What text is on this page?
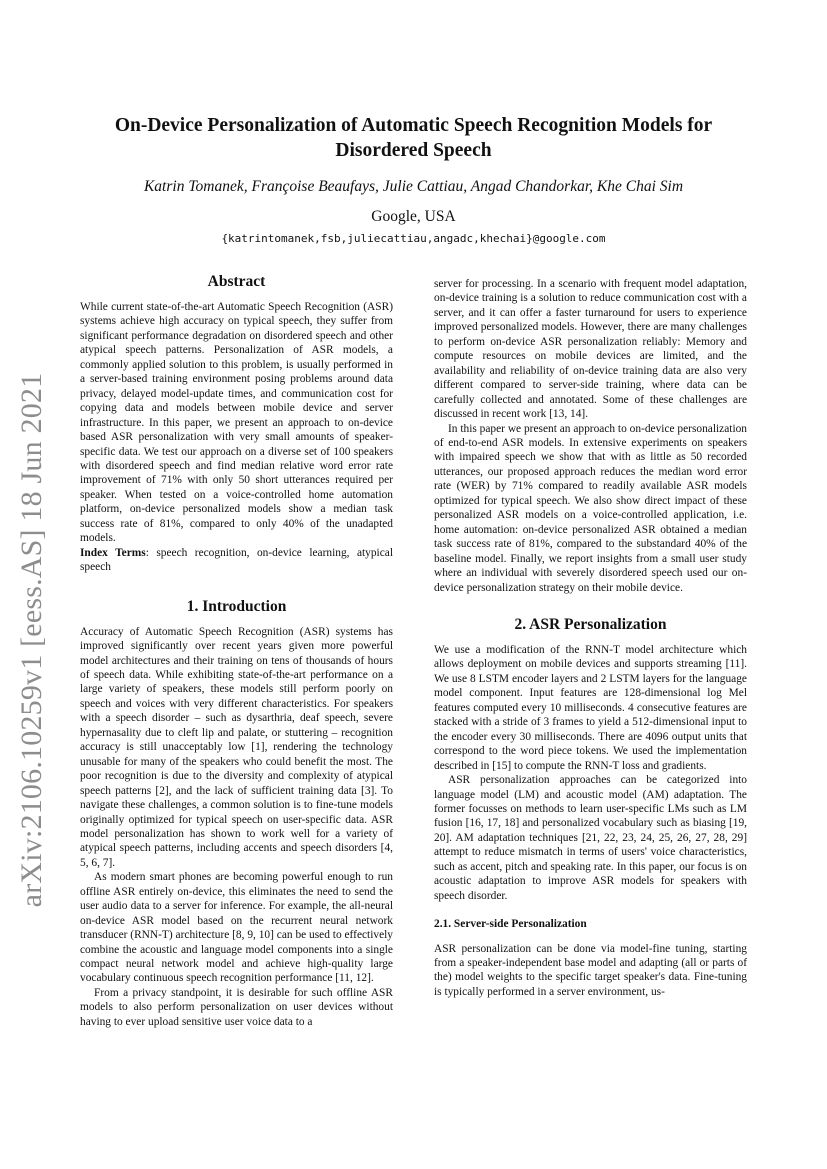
arXiv:2106.10259v1 [eess.AS] 18 Jun 2021
On-Device Personalization of Automatic Speech Recognition Models for Disordered Speech
Katrin Tomanek, Françoise Beaufays, Julie Cattiau, Angad Chandorkar, Khe Chai Sim
Google, USA
{katrintomanek,fsb,juliecattiau,angadc,khechai}@google.com
Abstract

While current state-of-the-art Automatic Speech Recognition (ASR) systems achieve high accuracy on typical speech, they suffer from significant performance degradation on disordered speech and other atypical speech patterns. Personalization of ASR models, a commonly applied solution to this problem, is usually performed in a server-based training environment posing problems around data privacy, delayed model-update times, and communication cost for copying data and models between mobile device and server infrastructure. In this paper, we present an approach to on-device based ASR personalization with very small amounts of speaker-specific data. We test our approach on a diverse set of 100 speakers with disordered speech and find median relative word error rate improvement of 71% with only 50 short utterances required per speaker. When tested on a voice-controlled home automation platform, on-device personalized models show a median task success rate of 81%, compared to only 40% of the unadapted models.

Index Terms: speech recognition, on-device learning, atypical speech

1. Introduction

Accuracy of Automatic Speech Recognition (ASR) systems has improved significantly over recent years given more powerful model architectures and their training on tens of thousands of hours of speech data. While exhibiting state-of-the-art performance on a large variety of speakers, these models still perform poorly on speech and voices with very different characteristics. For speakers with a speech disorder – such as dysarthria, deaf speech, severe hypernasality due to cleft lip and palate, or stuttering – recognition accuracy is still unacceptably low [1], rendering the technology unusable for many of the speakers who could benefit the most. The poor recognition is due to the diversity and complexity of atypical speech patterns [2], and the lack of sufficient training data [3]. To navigate these challenges, a common solution is to fine-tune models originally optimized for typical speech on user-specific data. ASR model personalization has shown to work well for a variety of atypical speech patterns, including accents and speech disorders [4, 5, 6, 7].

As modern smart phones are becoming powerful enough to run offline ASR entirely on-device, this eliminates the need to send the user audio data to a server for inference. For example, the all-neural on-device ASR model based on the recurrent neural network transducer (RNN-T) architecture [8, 9, 10] can be used to effectively combine the acoustic and language model components into a single compact neural network model and achieve high-quality large vocabulary continuous speech recognition performance [11, 12].

From a privacy standpoint, it is desirable for such offline ASR models to also perform personalization on user devices without having to ever upload sensitive user voice data to a

server for processing. In a scenario with frequent model adaptation, on-device training is a solution to reduce communication cost with a server, and it can offer a faster turnaround for users to experience improved personalized models. However, there are many challenges to perform on-device ASR personalization reliably: Memory and compute resources on mobile devices are limited, and the availability and reliability of on-device training data are also very different compared to server-side training, where data can be carefully collected and annotated. Some of these challenges are discussed in recent work [13, 14].

In this paper we present an approach to on-device personalization of end-to-end ASR models. In extensive experiments on speakers with impaired speech we show that with as little as 50 recorded utterances, our proposed approach reduces the median word error rate (WER) by 71% compared to readily available ASR models optimized for typical speech. We also show direct impact of these personalized ASR models on a voice-controlled application, i.e. home automation: on-device personalized ASR obtained a median task success rate of 81%, compared to the substandard 40% of the baseline model. Finally, we report insights from a small user study where an individual with severely disordered speech used our on-device personalization strategy on their mobile device.

2. ASR Personalization

We use a modification of the RNN-T model architecture which allows deployment on mobile devices and supports streaming [11]. We use 8 LSTM encoder layers and 2 LSTM layers for the language model component. Input features are 128-dimensional log Mel features computed every 10 milliseconds. 4 consecutive features are stacked with a stride of 3 frames to yield a 512-dimensional input to the encoder every 30 milliseconds. There are 4096 output units that correspond to the word piece tokens. We used the implementation described in [15] to compute the RNN-T loss and gradients.

ASR personalization approaches can be categorized into language model (LM) and acoustic model (AM) adaptation. The former focusses on methods to learn user-specific LMs such as LM fusion [16, 17, 18] and personalized vocabulary such as biasing [19, 20]. AM adaptation techniques [21, 22, 23, 24, 25, 26, 27, 28, 29] attempt to reduce mismatch in terms of users' voice characteristics, such as accent, pitch and speaking rate. In this paper, our focus is on acoustic adaptation to improve ASR models for speakers with speech disorder.

2.1. Server-side Personalization

ASR personalization can be done via model-fine tuning, starting from a speaker-independent base model and adapting (all or parts of the) model weights to the specific target speaker's data. Fine-tuning is typically performed in a server environment, us-
